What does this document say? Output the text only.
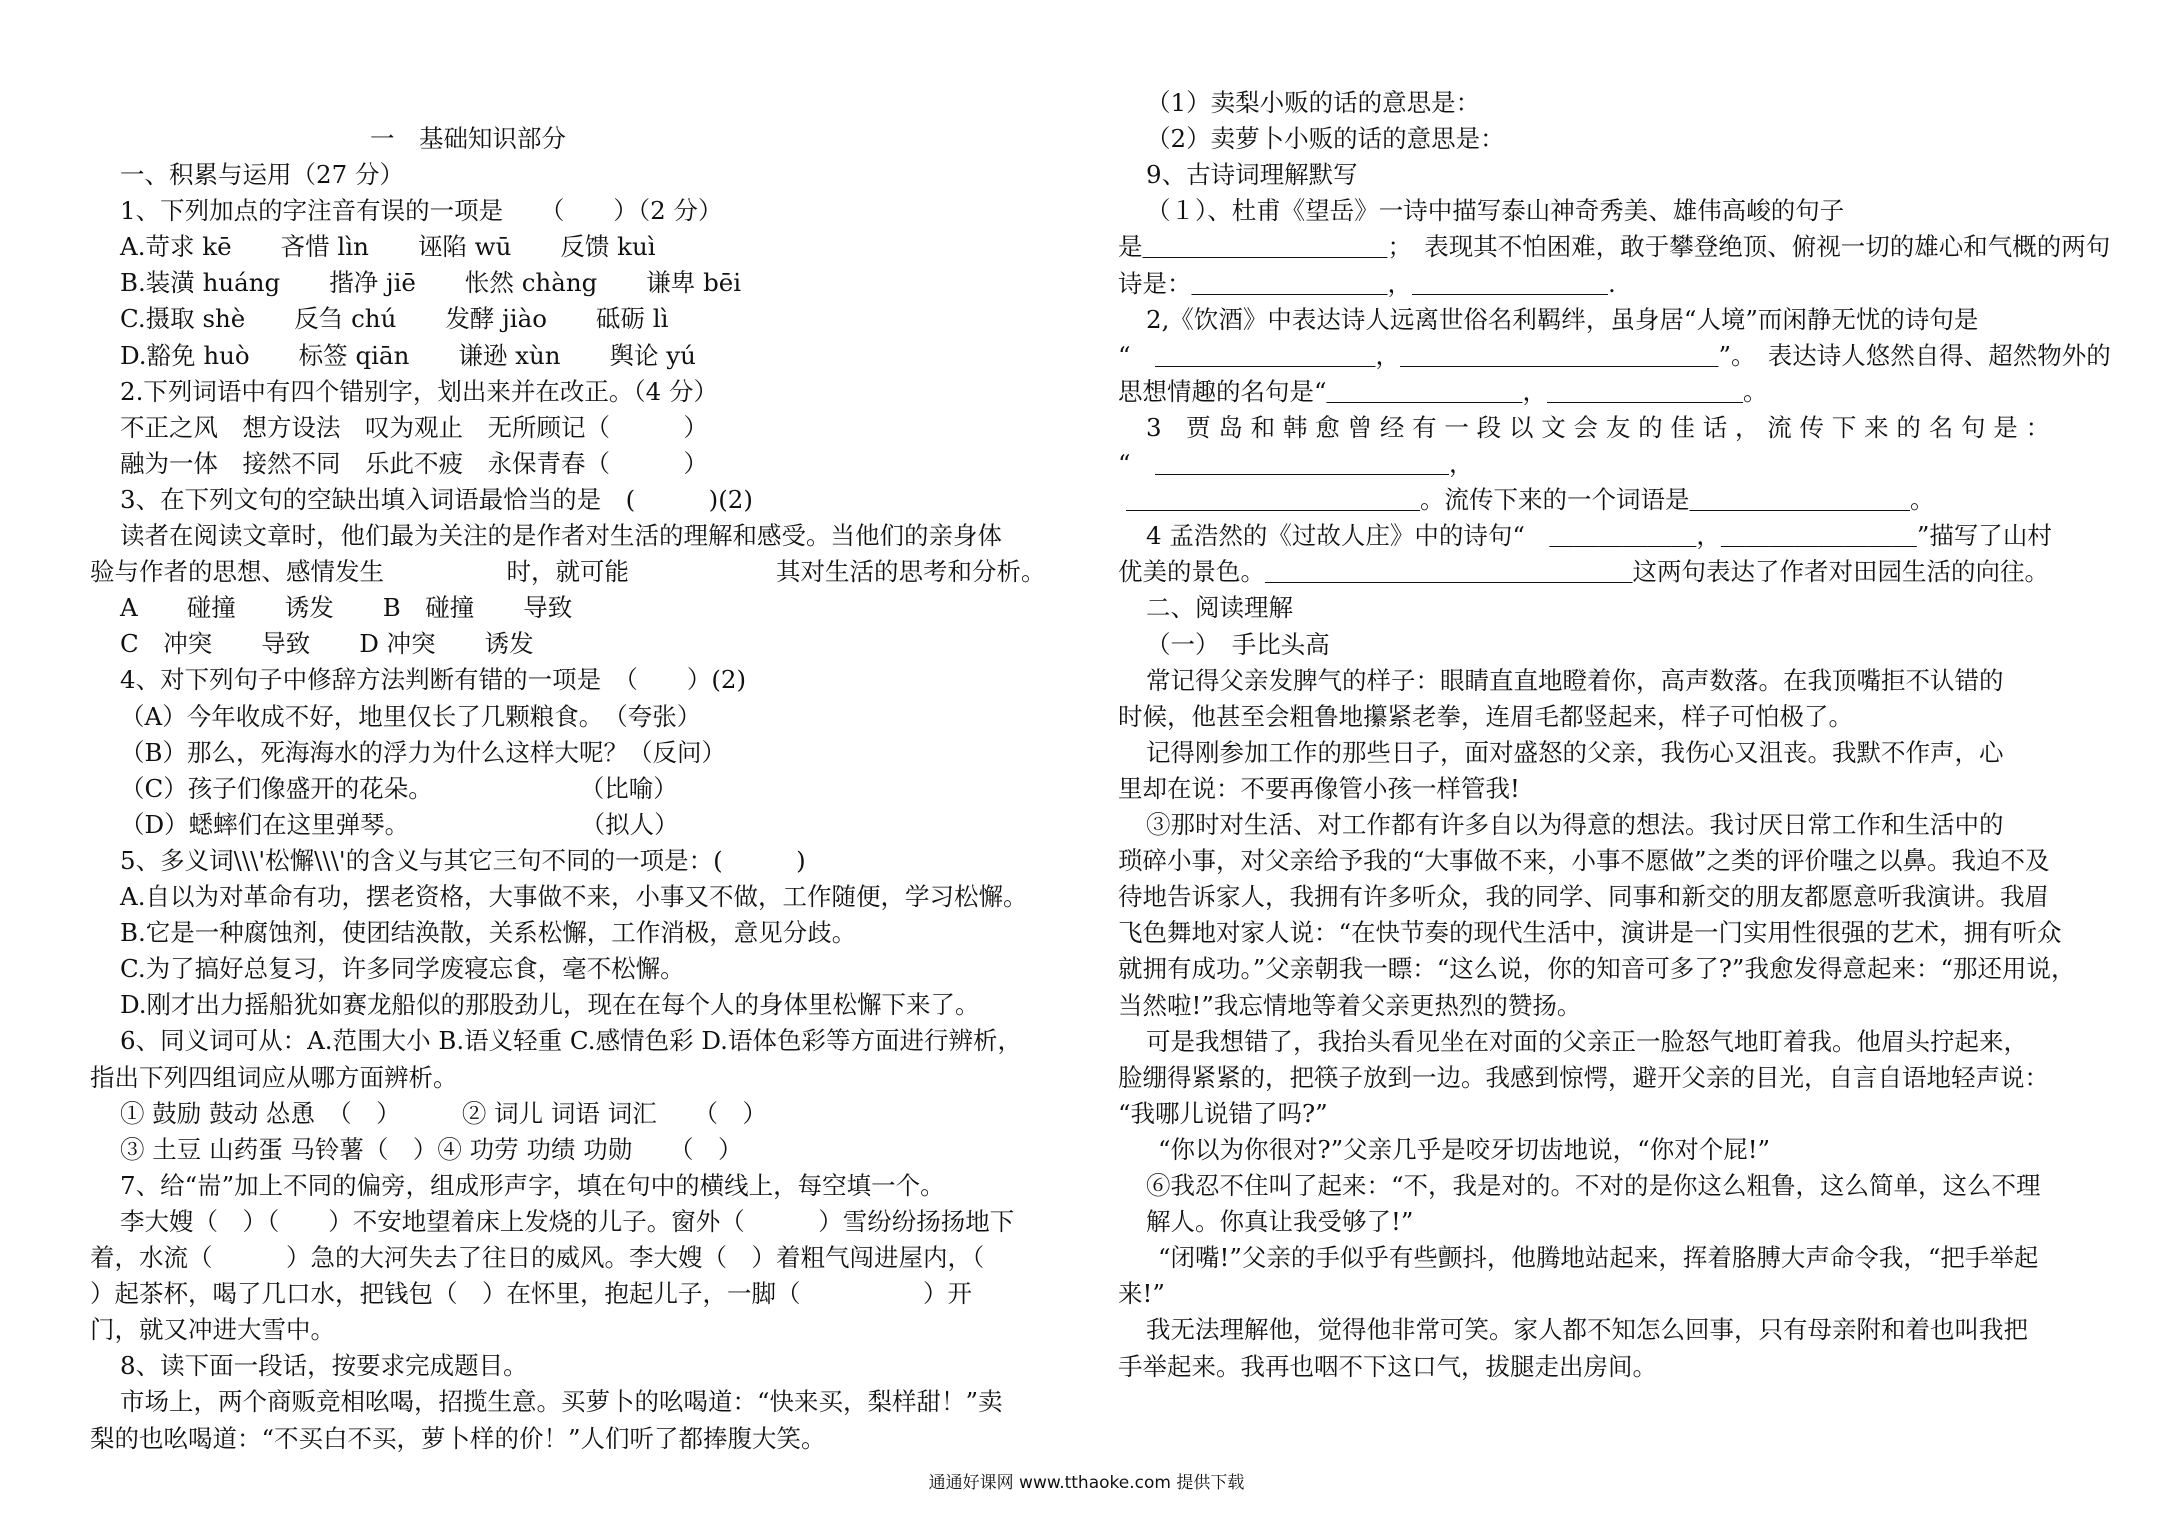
一　基础知识部分
一、积累与运用（27 分）
1、下列加点的字注音有误的一项是　　（　　）（2 分）
A.苛求 kē　　吝惜 lìn　　诬陷 wū　　反馈 kuì
B.装潢 huáng　　揩净 jiē　　怅然 chàng　　谦卑 bēi
C.摄取 shè　　反刍 chú　　发酵 jiào　　砥砺 lì
D.豁免 huò　　标签 qiān　　谦逊 xùn　　舆论 yú
2.下列词语中有四个错别字，划出来并在改正。（4 分）
不正之风　想方设法　叹为观止　无所顾记（　　　）
融为一体　接然不同　乐此不疲　永保青春（　　　）
3、在下列文句的空缺出填入词语最恰当的是　(　　　)(2)
读者在阅读文章时，他们最为关注的是作者对生活的理解和感受。当他们的亲身体
验与作者的思想、感情发生　　　　　时，就可能　　　　　　其对生活的思考和分析。
A　　碰撞　　诱发　　B　碰撞　　导致
C　冲突　　导致　　D 冲突　　诱发
4、对下列句子中修辞方法判断有错的一项是　（　　）(2)
（A）今年收成不好，地里仅长了几颗粮食。　（夸张）
（B）那么，死海海水的浮力为什么这样大呢？（反问）
（C）孩子们像盛开的花朵。　　　　　　　（比喻）
（D）蟋蟀们在这里弹琴。　　　　　　　　（拟人）
5、多义词\\\'松懈\\\'的含义与其它三句不同的一项是：(　　　)
A.自以为对革命有功，摆老资格，大事做不来，小事又不做，工作随便，学习松懈。
B.它是一种腐蚀剂，使团结涣散，关系松懈，工作消极，意见分歧。
C.为了搞好总复习，许多同学废寝忘食，毫不松懈。
D.刚才出力摇船犹如赛龙船似的那股劲儿，现在在每个人的身体里松懈下来了。
6、同义词可从：A.范围大小 B.语义轻重 C.感情色彩 D.语体色彩等方面进行辨析，
指出下列四组词应从哪方面辨析。
① 鼓励 鼓动 怂恿　（　）　　　② 词儿 词语 词汇　　（　）
③ 土豆 山药蛋 马铃薯（　）④ 功劳 功绩 功勋　　（　）
7、给“耑”加上不同的偏旁，组成形声字，填在句中的横线上，每空填一个。
李大嫂（　）（　　）不安地望着床上发烧的儿子。窗外（　　　）雪纷纷扬扬地下
着，水流（　　　）急的大河失去了往日的威风。李大嫂（　）着粗气闯进屋内，（
）起茶杯，喝了几口水，把钱包（　）在怀里，抱起儿子，一脚（　　　　　）开
门，就又冲进大雪中。
8、读下面一段话，按要求完成题目。
市场上，两个商贩竞相吆喝，招揽生意。买萝卜的吆喝道：“快来买，梨样甜！”卖
梨的也吆喝道：“不买白不买，萝卜样的价！”人们听了都捧腹大笑。
（1）卖梨小贩的话的意思是：
（2）卖萝卜小贩的话的意思是：
9、古诗词理解默写
（１）、杜甫《望岳》一诗中描写泰山神奇秀美、雄伟高峻的句子
是＿＿＿＿＿＿＿＿＿＿；　表现其不怕困难，敢于攀登绝顶、俯视一切的雄心和气概的两句
诗是：＿＿＿＿＿＿＿＿，＿＿＿＿＿＿＿＿.
2,《饮酒》中表达诗人远离世俗名利羁绊，虽身居“人境”而闲静无忧的诗句是
“　＿＿＿＿＿＿＿＿＿，＿＿＿＿＿＿＿＿＿＿＿＿＿”。　表达诗人悠然自得、超然物外的
思想情趣的名句是“＿＿＿＿＿＿＿＿，＿＿＿＿＿＿＿＿。
3　贾 岛 和 韩 愈 曾 经 有 一 段 以 文 会 友 的 佳 话 ， 流 传 下 来 的 名 句 是 ：
“　＿＿＿＿＿＿＿＿＿＿＿＿，
＿＿＿＿＿＿＿＿＿＿＿＿。流传下来的一个词语是＿＿＿＿＿＿＿＿＿。
4 孟浩然的《过故人庄》中的诗句“　＿＿＿＿＿＿，＿＿＿＿＿＿＿＿”描写了山村
优美的景色。＿＿＿＿＿＿＿＿＿＿＿＿＿＿＿这两句表达了作者对田园生活的向往。
二、阅读理解
（一）　手比头高
常记得父亲发脾气的样子：眼睛直直地瞪着你，高声数落。在我顶嘴拒不认错的
时候，他甚至会粗鲁地攥紧老拳，连眉毛都竖起来，样子可怕极了。
记得刚参加工作的那些日子，面对盛怒的父亲，我伤心又沮丧。我默不作声，心
里却在说：不要再像管小孩一样管我!
③那时对生活、对工作都有许多自以为得意的想法。我讨厌日常工作和生活中的
琐碎小事，对父亲给予我的“大事做不来，小事不愿做”之类的评价嗤之以鼻。我迫不及
待地告诉家人，我拥有许多听众，我的同学、同事和新交的朋友都愿意听我演讲。我眉
飞色舞地对家人说：“在快节奏的现代生活中，演讲是一门实用性很强的艺术，拥有听众
就拥有成功。”父亲朝我一瞟：“这么说，你的知音可多了?”我愈发得意起来：“那还用说，
当然啦!”我忘情地等着父亲更热烈的赞扬。
可是我想错了，我抬头看见坐在对面的父亲正一脸怒气地盯着我。他眉头拧起来，
脸绷得紧紧的，把筷子放到一边。我感到惊愕，避开父亲的目光，自言自语地轻声说：
“我哪儿说错了吗?”
“你以为你很对?”父亲几乎是咬牙切齿地说，“你对个屁!”
⑥我忍不住叫了起来：“不，我是对的。不对的是你这么粗鲁，这么简单，这么不理
解人。你真让我受够了!”
“闭嘴!”父亲的手似乎有些颤抖，他腾地站起来，挥着胳膊大声命令我，“把手举起
来!”
我无法理解他，觉得他非常可笑。家人都不知怎么回事，只有母亲附和着也叫我把
手举起来。我再也咽不下这口气，拔腿走出房间。
通通好课网 www.tthaoke.com 提供下载
